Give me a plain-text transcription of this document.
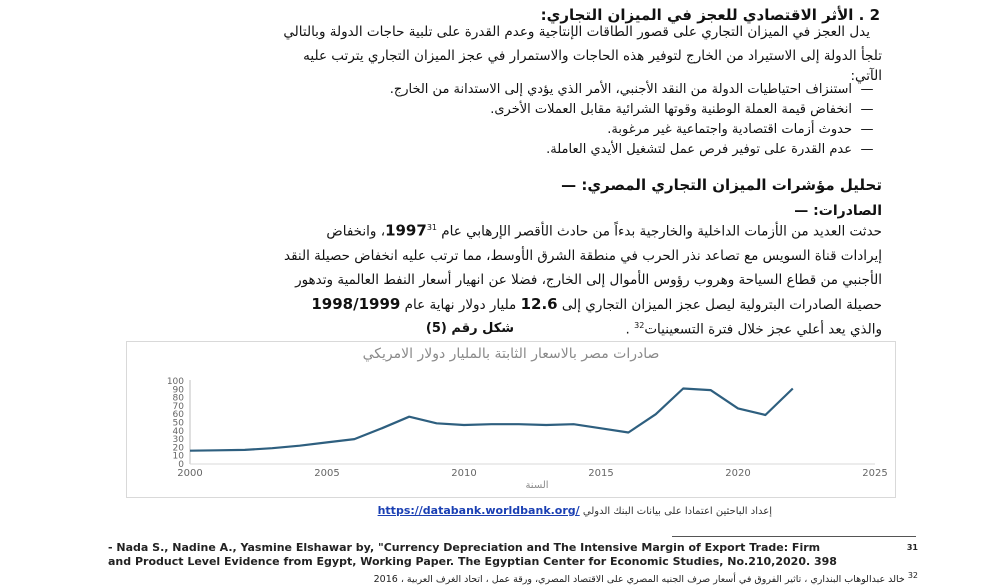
2 . الأثر الاقتصادي للعجز في الميزان التجاري:
يدل العجز في الميزان التجاري على قصور الطاقات الإنتاجية وعدم القدرة على تلبية حاجات الدولة وبالتالي
تلجأ الدولة إلى الاستيراد من الخارج لتوفير هذه الحاجات والاستمرار في عجز الميزان التجاري يترتب عليه
الآتي:
—
استنزاف احتياطيات الدولة من النقد الأجنبي، الأمر الذي يؤدي إلى الاستدانة من الخارج.
—
انخفاض قيمة العملة الوطنية وقوتها الشرائية مقابل العملات الأخرى.
—
حدوث أزمات اقتصادية واجتماعية غير مرغوبة.
—
عدم القدرة على توفير فرص عمل لتشغيل الأيدي العاملة.
تحليل مؤشرات الميزان التجاري المصري: —
الصادرات: —
حدثت العديد من الأزمات الداخلية والخارجية بدءاً من حادث الأقصر الإرهابي عام 1997$^{31}$، وانخفاض
إيرادات قناة السويس مع تصاعد نذر الحرب في منطقة الشرق الأوسط، مما ترتب عليه انخفاض حصيلة النقد
الأجنبي من قطاع السياحة وهروب رؤوس الأموال إلى الخارج، فضلا عن انهيار أسعار النفط العالمية وتدهور
حصيلة الصادرات البترولية ليصل عجز الميزان التجاري إلى 12.6 مليار دولار نهاية عام 1998/1999
والذي يعد أعلي عجز خلال فترة التسعينيات$^{32}$ .
شكل رقم (5)
صادرات مصر بالاسعار الثابتة بالمليار دولار الامريكي
0
10
20
30
40
50
60
70
80
90
100
2000	2005	2010	2015	2020	2025
السنة
إعداد الباحثين اعتمادا على بيانات البنك الدولي https://databank.worldbank.org/
- Nada S., Nadine A., Yasmine Elshawar by, "Currency Depreciation and The Intensive Margin of Export Trade: Firm	31
and Product Level Evidence from Egypt, Working Paper. The Egyptian Center for Economic Studies, No.210,2020. 398
$^{32}$ خالد عبدالوهاب البنداري ، تاثير الفروق في أسعار صرف الجنيه المصري على الاقتصاد المصري، ورقة عمل ، اتحاد الغرف العربية ، 2016
